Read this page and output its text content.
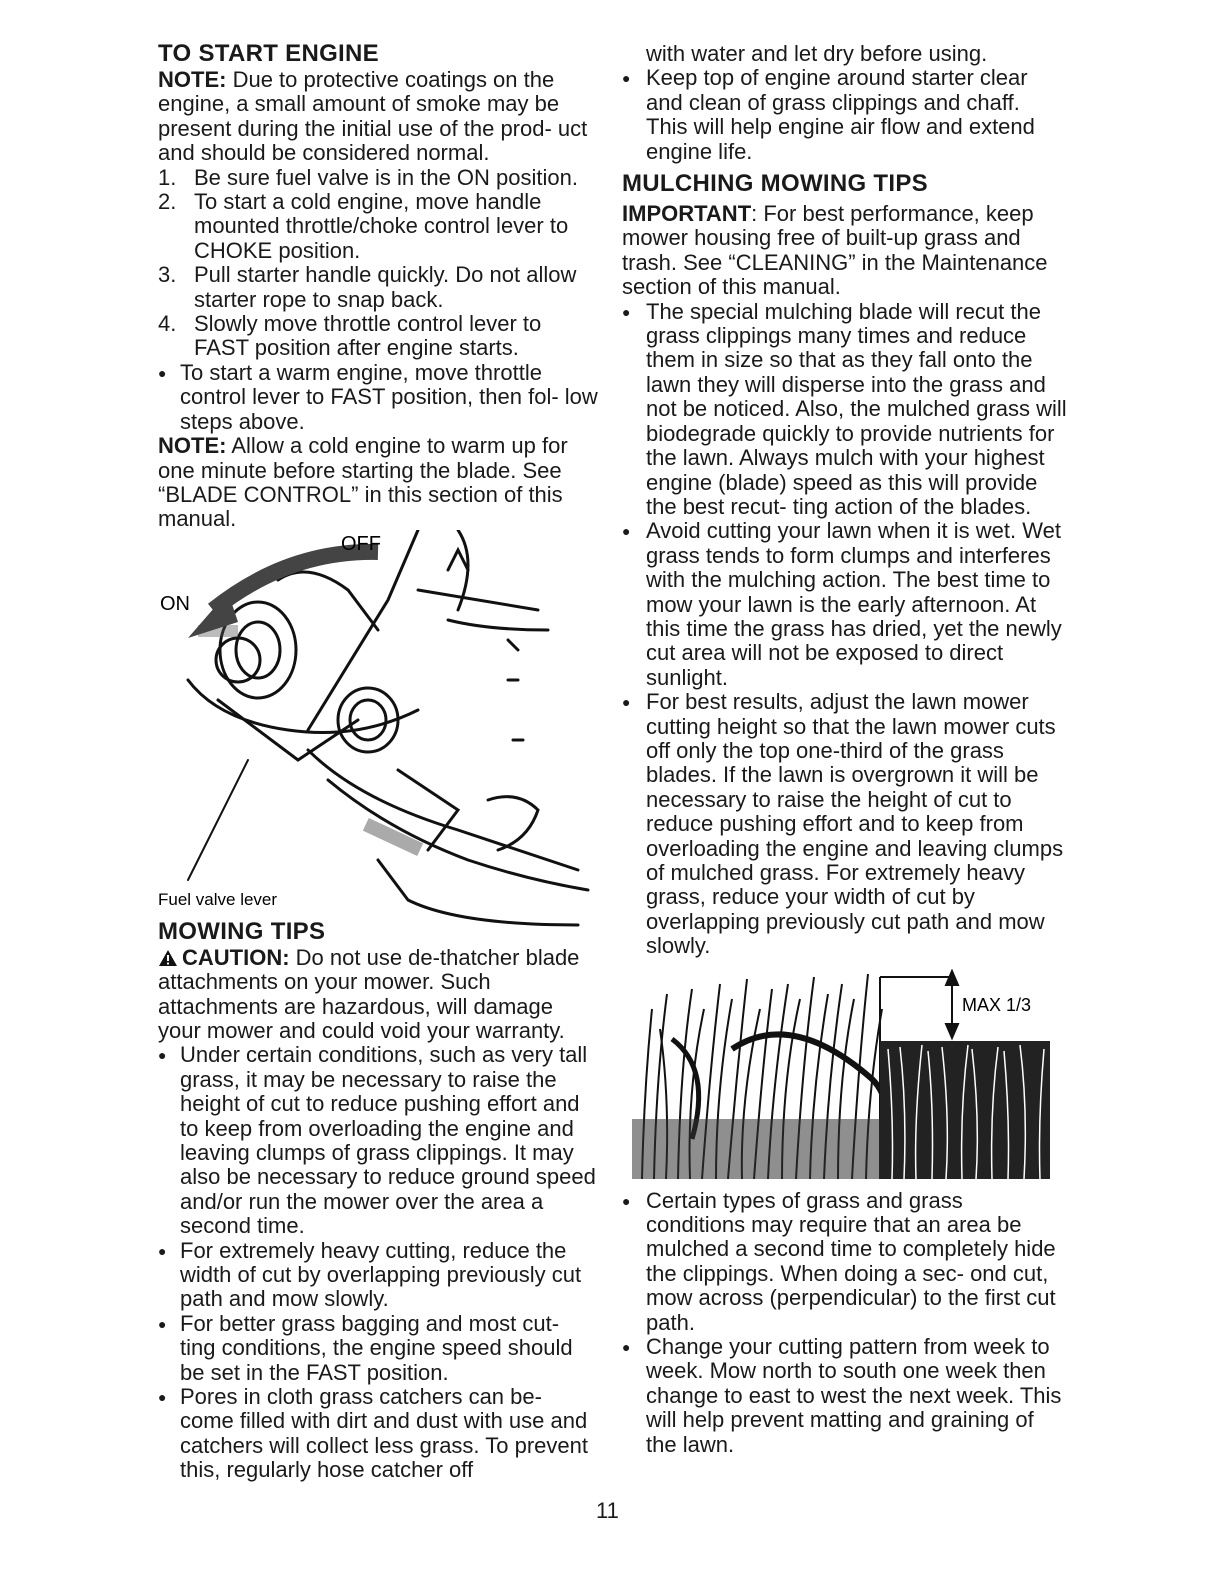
TO START ENGINE

NOTE: Due to protective coatings on the engine, a small amount of smoke may be present during the initial use of the prod- uct and should be considered normal.

1. Be sure fuel valve is in the ON position.
2. To start a cold engine, move handle mounted throttle/choke control lever to CHOKE position.
3. Pull starter handle quickly. Do not allow starter rope to snap back.
4. Slowly move throttle control lever to FAST position after engine starts.
● To start a warm engine, move throttle control lever to FAST position, then fol- low steps above.

NOTE: Allow a cold engine to warm up for one minute before starting the blade. See “BLADE CONTROL” in this section of this manual.

OFF
ON
Fuel valve lever
MOWING TIPS

CAUTION: Do not use de-thatcher blade attachments on your mower. Such attachments are hazardous, will damage your mower and could void your warranty.

● Under certain conditions, such as very tall grass, it may be necessary to raise the height of cut to reduce pushing effort and to keep from overloading the engine and leaving clumps of grass clippings. It may also be necessary to reduce ground speed and/or run the mower over the area a second time.
● For extremely heavy cutting, reduce the width of cut by overlapping previously cut path and mow slowly.
● For better grass bagging and most cut- ting conditions, the engine speed should be set in the FAST position.
● Pores in cloth grass catchers can be- come filled with dirt and dust with use and catchers will collect less grass. To prevent this, regularly hose catcher off

with water and let dry before using.

● Keep top of engine around starter clear and clean of grass clippings and chaff. This will help engine air flow and extend engine life.
MULCHING MOWING TIPS

IMPORTANT: For best performance, keep mower housing free of built-up grass and trash. See “CLEANING” in the Maintenance section of this manual.

● The special mulching blade will recut the grass clippings many times and reduce them in size so that as they fall onto the lawn they will disperse into the grass and not be noticed. Also, the mulched grass will biodegrade quickly to provide nutrients for the lawn. Always mulch with your highest engine (blade) speed as this will provide the best recut- ting action of the blades.
● Avoid cutting your lawn when it is wet. Wet grass tends to form clumps and interferes with the mulching action. The best time to mow your lawn is the early afternoon. At this time the grass has dried, yet the newly cut area will not be exposed to direct sunlight.
● For best results, adjust the lawn mower cutting height so that the lawn mower cuts off only the top one-third of the grass blades. If the lawn is overgrown it will be necessary to raise the height of cut to reduce pushing effort and to keep from overloading the engine and leaving clumps of mulched grass. For extremely heavy grass, reduce your width of cut by overlapping previously cut path and mow slowly.
MAX 1/3
● Certain types of grass and grass conditions may require that an area be mulched a second time to completely hide the clippings. When doing a sec- ond cut, mow across (perpendicular) to the first cut path.
● Change your cutting pattern from week to week. Mow north to south one week then change to east to west the next week. This will help prevent matting and graining of the lawn.
11
